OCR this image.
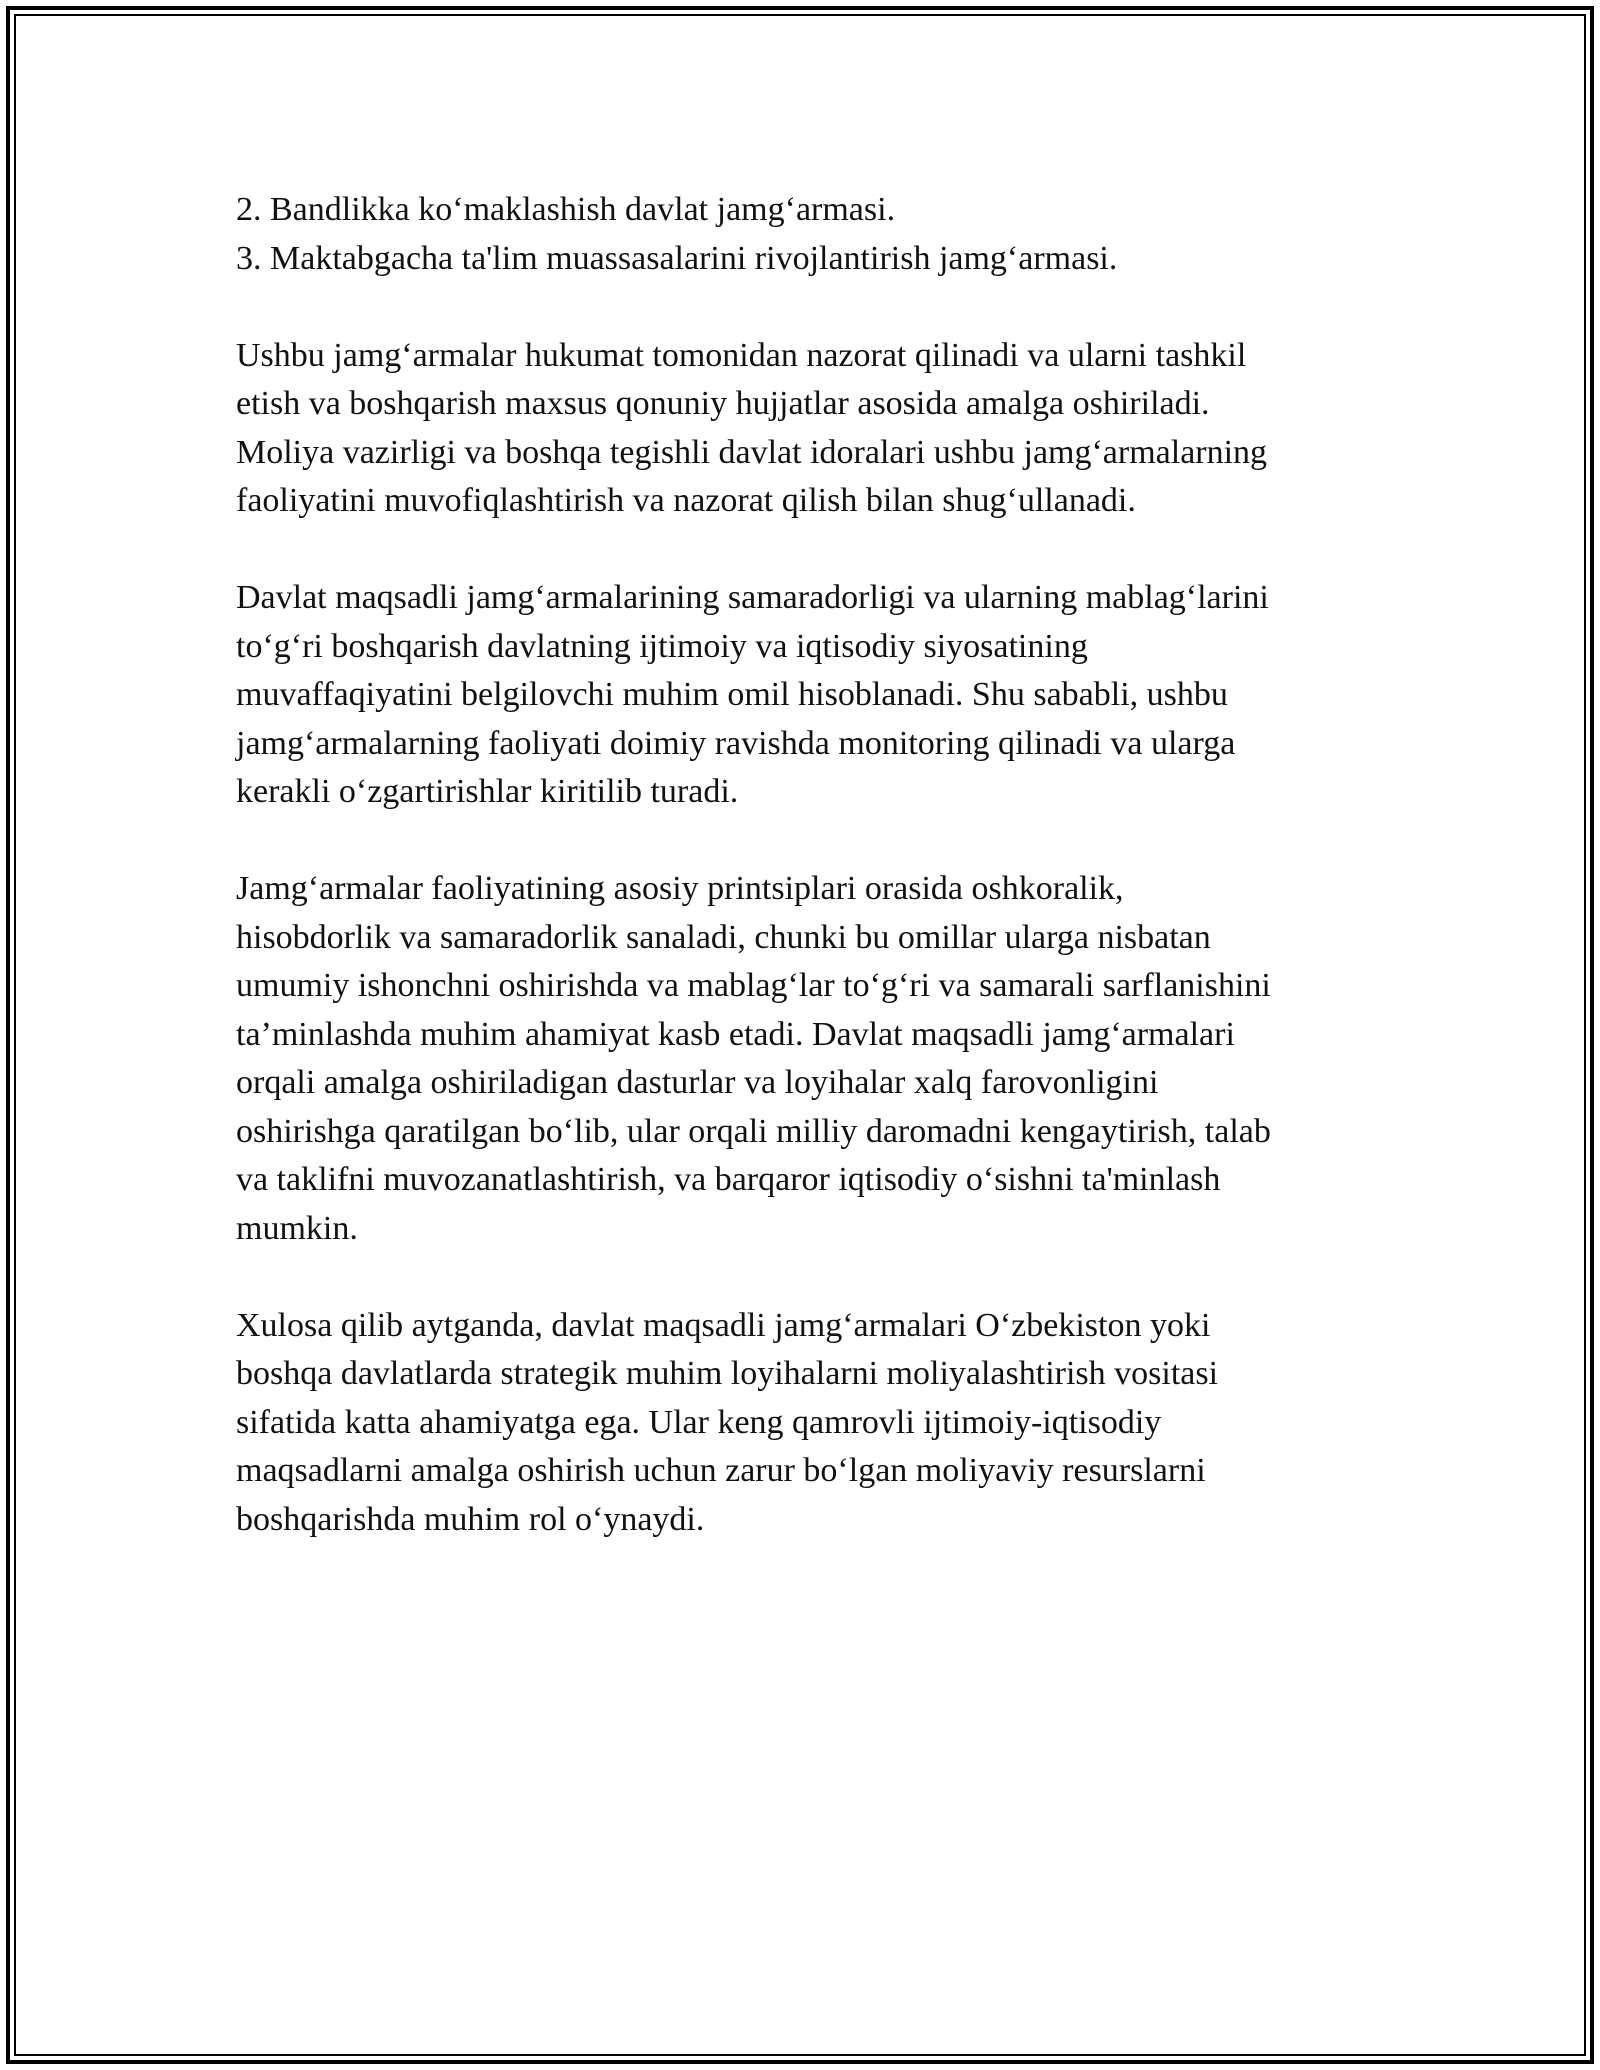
2. Bandlikka ko‘maklashish davlat jamg‘armasi.

3. Maktabgacha ta'lim muassasalarini rivojlantirish jamg‘armasi.

Ushbu jamg‘armalar hukumat tomonidan nazorat qilinadi va ularni tashkil
etish va boshqarish maxsus qonuniy hujjatlar asosida amalga oshiriladi.
Moliya vazirligi va boshqa tegishli davlat idoralari ushbu jamg‘armalarning
faoliyatini muvofiqlashtirish va nazorat qilish bilan shug‘ullanadi.

Davlat maqsadli jamg‘armalarining samaradorligi va ularning mablag‘larini
to‘g‘ri boshqarish davlatning ijtimoiy va iqtisodiy siyosatining
muvaffaqiyatini belgilovchi muhim omil hisoblanadi. Shu sababli, ushbu
jamg‘armalarning faoliyati doimiy ravishda monitoring qilinadi va ularga
kerakli o‘zgartirishlar kiritilib turadi.

Jamg‘armalar faoliyatining asosiy printsiplari orasida oshkoralik,
hisobdorlik va samaradorlik sanaladi, chunki bu omillar ularga nisbatan
umumiy ishonchni oshirishda va mablag‘lar to‘g‘ri va samarali sarflanishini
ta’minlashda muhim ahamiyat kasb etadi. Davlat maqsadli jamg‘armalari
orqali amalga oshiriladigan dasturlar va loyihalar xalq farovonligini
oshirishga qaratilgan bo‘lib, ular orqali milliy daromadni kengaytirish, talab
va taklifni muvozanatlashtirish, va barqaror iqtisodiy o‘sishni ta'minlash
mumkin.

Xulosa qilib aytganda, davlat maqsadli jamg‘armalari O‘zbekiston yoki
boshqa davlatlarda strategik muhim loyihalarni moliyalashtirish vositasi
sifatida katta ahamiyatga ega. Ular keng qamrovli ijtimoiy-iqtisodiy
maqsadlarni amalga oshirish uchun zarur bo‘lgan moliyaviy resurslarni
boshqarishda muhim rol o‘ynaydi.
